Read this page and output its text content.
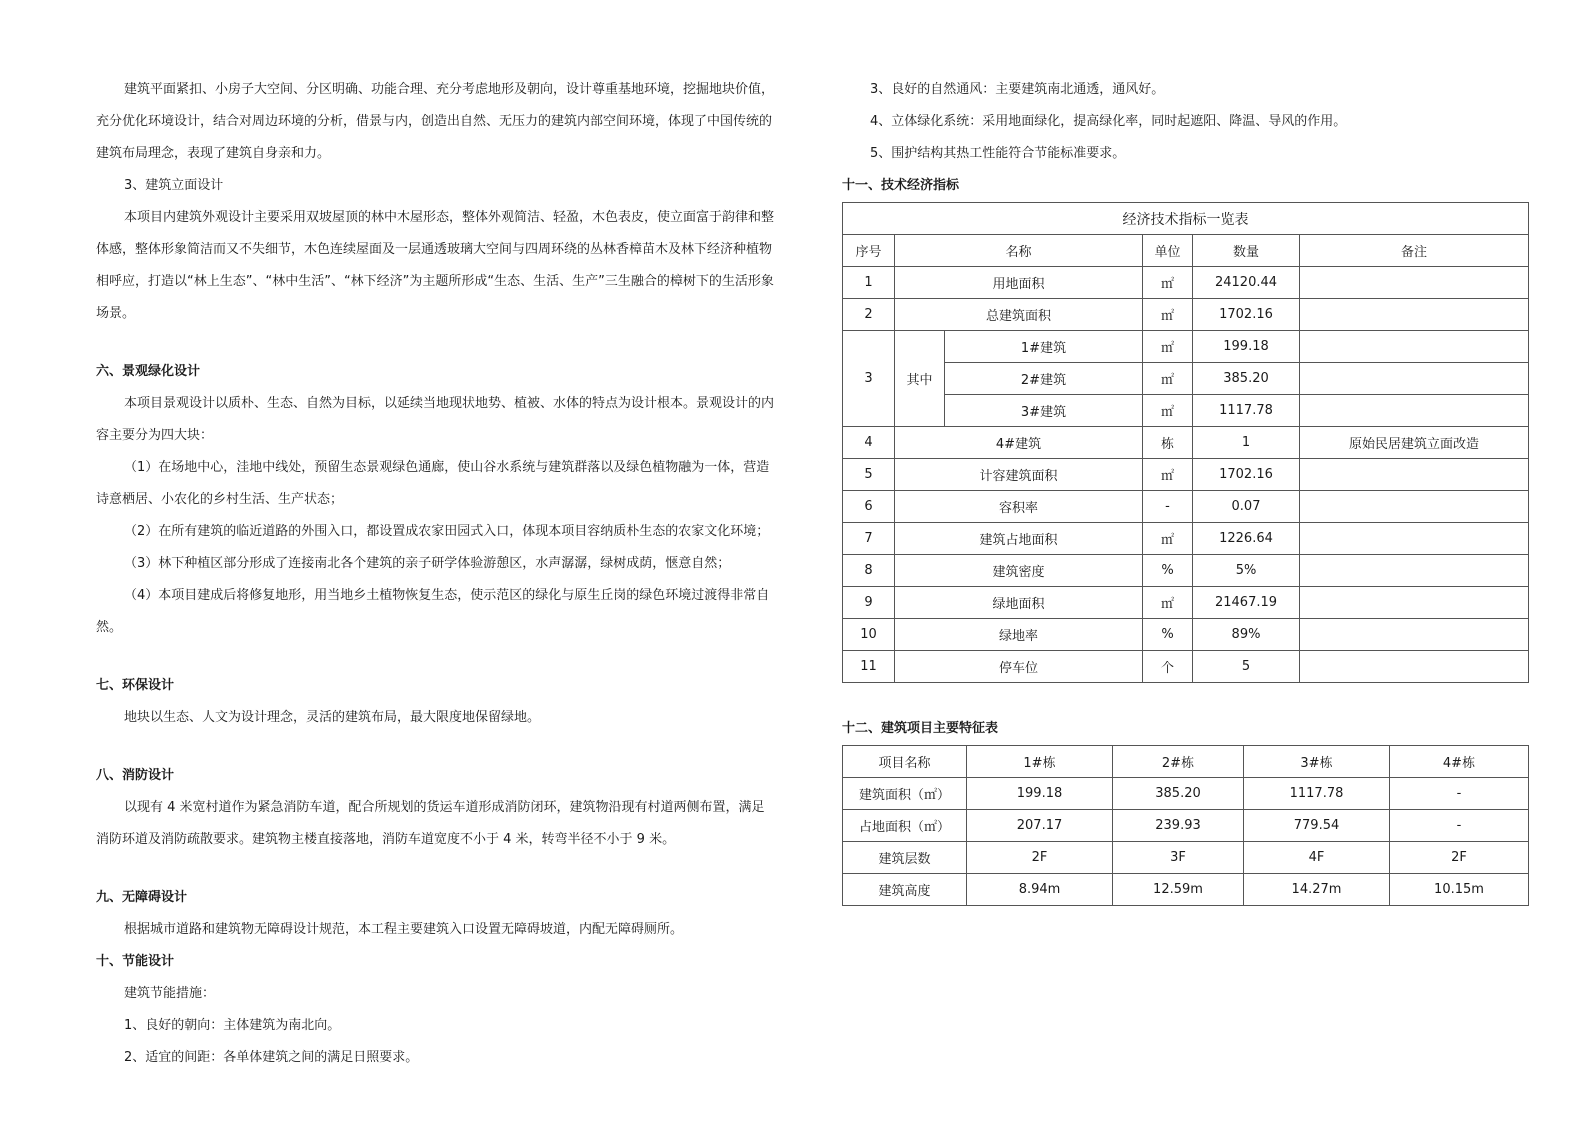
建筑平面紧扣、小房子大空间、分区明确、功能合理、充分考虑地形及朝向，设计尊重基地环境，挖掘地块价值，充分优化环境设计，结合对周边环境的分析，借景与内，创造出自然、无压力的建筑内部空间环境，体现了中国传统的建筑布局理念，表现了建筑自身亲和力。

3、建筑立面设计

本项目内建筑外观设计主要采用双坡屋顶的林中木屋形态，整体外观简洁、轻盈，木色表皮，使立面富于韵律和整体感，整体形象简洁而又不失细节，木色连续屋面及一层通透玻璃大空间与四周环绕的丛林香樟苗木及林下经济种植物相呼应，打造以“林上生态”、“林中生活”、“林下经济”为主题所形成“生态、生活、生产”三生融合的樟树下的生活形象场景。

六、景观绿化设计

本项目景观设计以质朴、生态、自然为目标，以延续当地现状地势、植被、水体的特点为设计根本。景观设计的内容主要分为四大块：

（1）在场地中心，洼地中线处，预留生态景观绿色通廊，使山谷水系统与建筑群落以及绿色植物融为一体，营造诗意栖居、小农化的乡村生活、生产状态；

（2）在所有建筑的临近道路的外围入口，都设置成农家田园式入口，体现本项目容纳质朴生态的农家文化环境；

（3）林下种植区部分形成了连接南北各个建筑的亲子研学体验游憩区，水声潺潺，绿树成荫，惬意自然；

（4）本项目建成后将修复地形，用当地乡土植物恢复生态，使示范区的绿化与原生丘岗的绿色环境过渡得非常自然。

七、环保设计

地块以生态、人文为设计理念，灵活的建筑布局，最大限度地保留绿地。

八、消防设计

以现有 4 米宽村道作为紧急消防车道，配合所规划的货运车道形成消防闭环，建筑物沿现有村道两侧布置，满足消防环道及消防疏散要求。建筑物主楼直接落地，消防车道宽度不小于 4 米，转弯半径不小于 9 米。

九、无障碍设计

根据城市道路和建筑物无障碍设计规范，本工程主要建筑入口设置无障碍坡道，内配无障碍厕所。

十、节能设计

建筑节能措施：

1、良好的朝向：主体建筑为南北向。

2、适宜的间距：各单体建筑之间的满足日照要求。

3、良好的自然通风：主要建筑南北通透，通风好。

4、立体绿化系统：采用地面绿化，提高绿化率，同时起遮阳、降温、导风的作用。

5、围护结构其热工性能符合节能标准要求。

十一、技术经济指标
经济技术指标一览表					
序号	名称		单位	数量	备注
1	用地面积		㎡	24120.44	
2	总建筑面积		㎡	1702.16	
3	其中	1#建筑	㎡	199.18	
		2#建筑	㎡	385.20	
		3#建筑	㎡	1117.78	
4	4#建筑		栋	1	原始民居建筑立面改造
5	计容建筑面积		㎡	1702.16	
6	容积率		-	0.07	
7	建筑占地面积		㎡	1226.64	
8	建筑密度		%	5%	
9	绿地面积		㎡	21467.19	
10	绿地率		%	89%	
11	停车位		个	5	
十二、建筑项目主要特征表
项目名称	1#栋	2#栋	3#栋	4#栋
建筑面积（㎡）	199.18	385.20	1117.78	-
占地面积（㎡）	207.17	239.93	779.54	-
建筑层数	2F	3F	4F	2F
建筑高度	8.94m	12.59m	14.27m	10.15m
